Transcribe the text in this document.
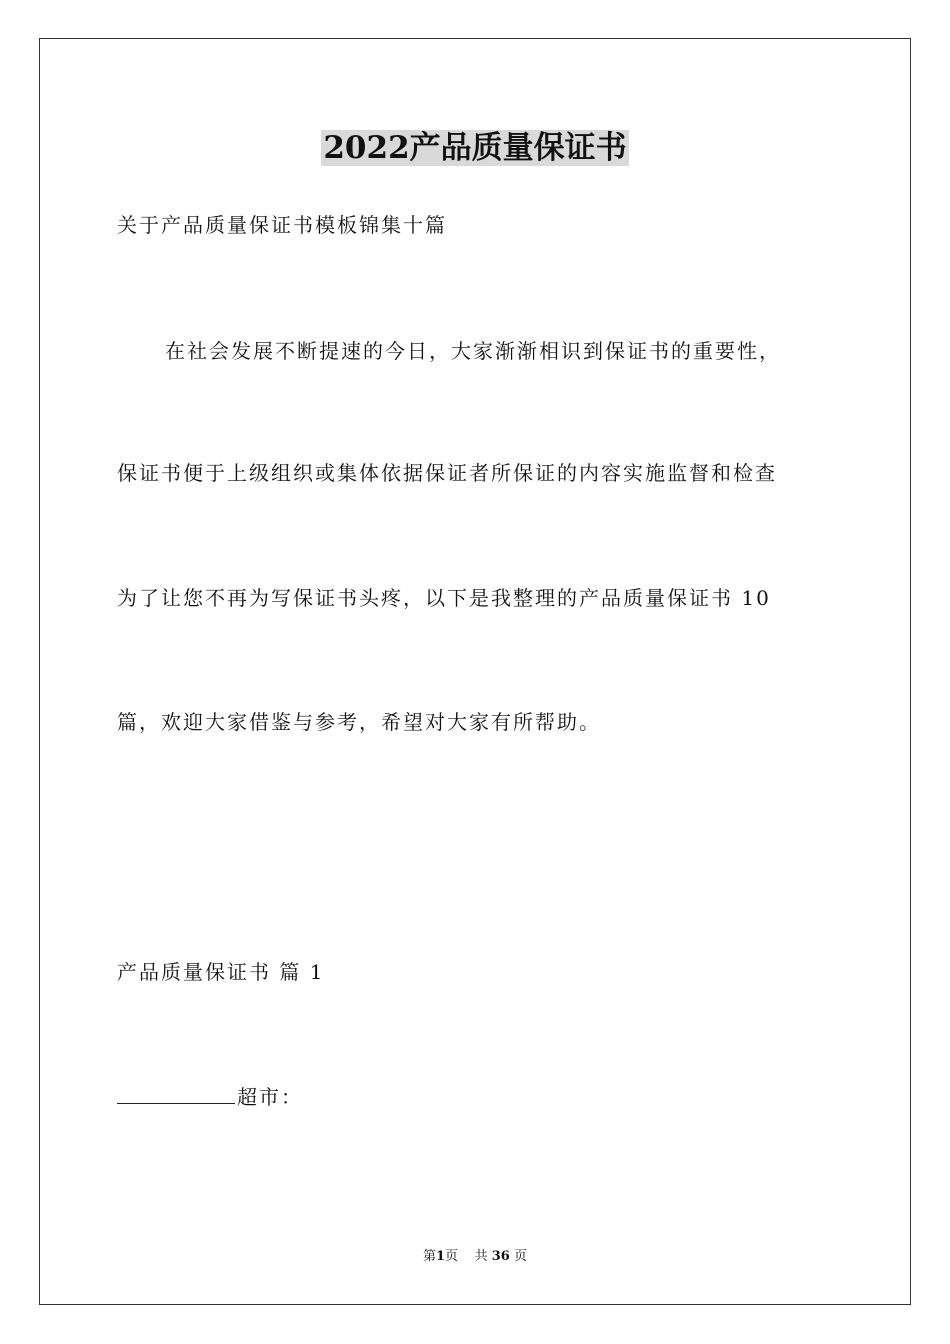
2022产品质量保证书
关于产品质量保证书模板锦集十篇
在社会发展不断提速的今日，大家渐渐相识到保证书的重要性，
保证书便于上级组织或集体依据保证者所保证的内容实施监督和检查
为了让您不再为写保证书头疼，以下是我整理的产品质量保证书 10
篇，欢迎大家借鉴与参考，希望对大家有所帮助。
产品质量保证书 篇 1
超市：
第1页 共 36 页
